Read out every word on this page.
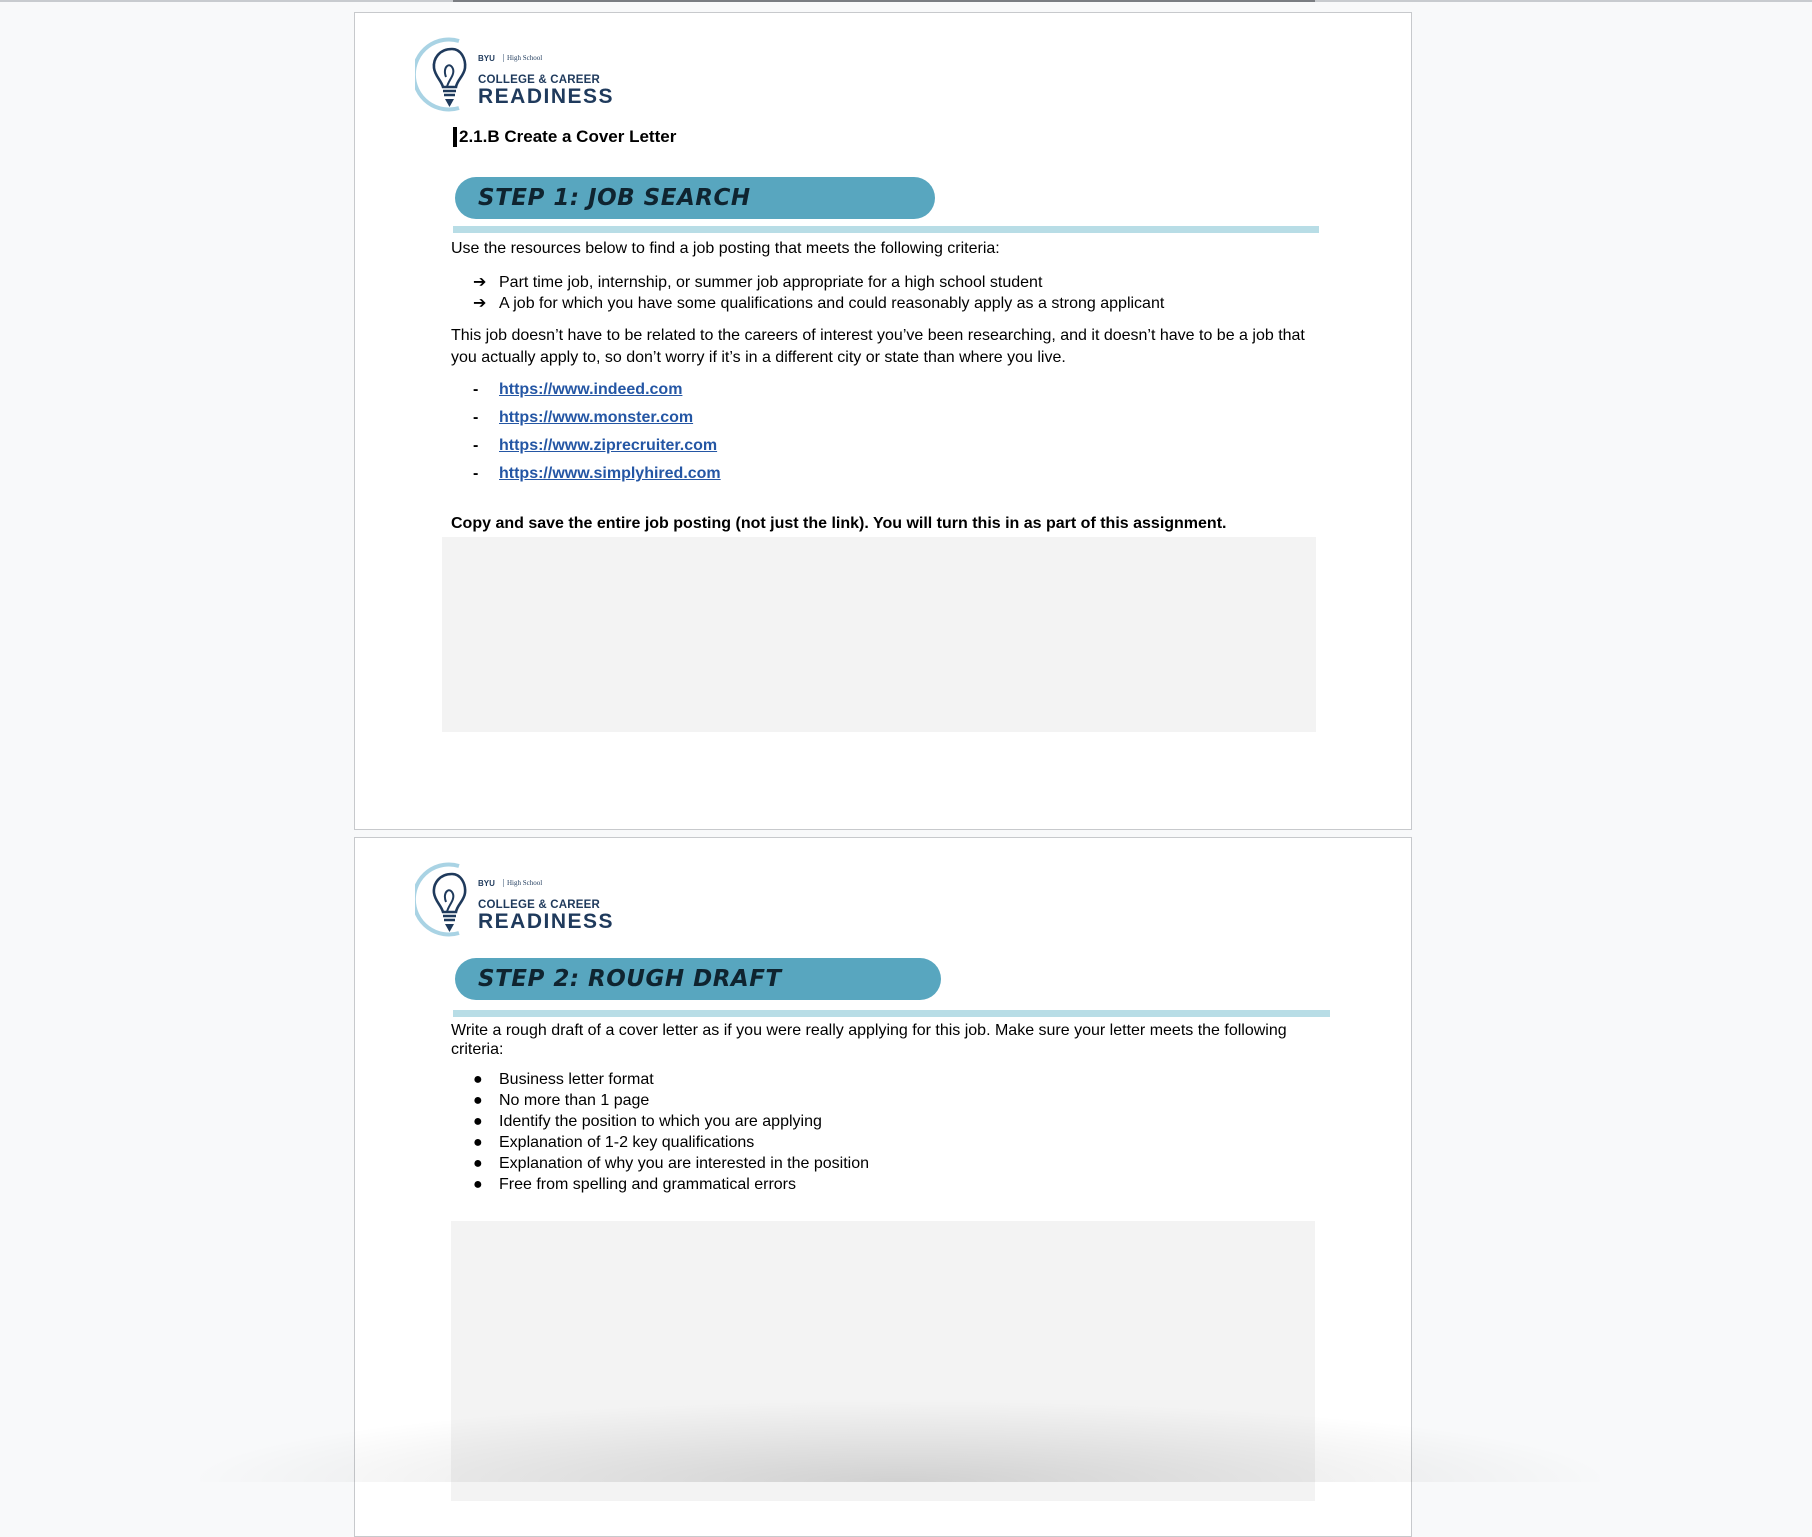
BYU	High School
COLLEGE & CAREER
READINESS
2.1.B Create a Cover Letter
STEP 1: JOB SEARCH
Use the resources below to find a job posting that meets the following criteria:
➔ Part time job, internship, or summer job appropriate for a high school student
➔ A job for which you have some qualifications and could reasonably apply as a strong applicant
This job doesn’t have to be related to the careers of interest you’ve been researching, and it doesn’t have to be a job that you actually apply to, so don’t worry if it’s in a different city or state than where you live.
- https://www.indeed.com
- https://www.monster.com
- https://www.ziprecruiter.com
- https://www.simplyhired.com
Copy and save the entire job posting (not just the link). You will turn this in as part of this assignment.
BYU	High School
COLLEGE & CAREER
READINESS
STEP 2: ROUGH DRAFT
Write a rough draft of a cover letter as if you were really applying for this job. Make sure your letter meets the following criteria:
● Business letter format
● No more than 1 page
● Identify the position to which you are applying
● Explanation of 1-2 key qualifications
● Explanation of why you are interested in the position
● Free from spelling and grammatical errors
